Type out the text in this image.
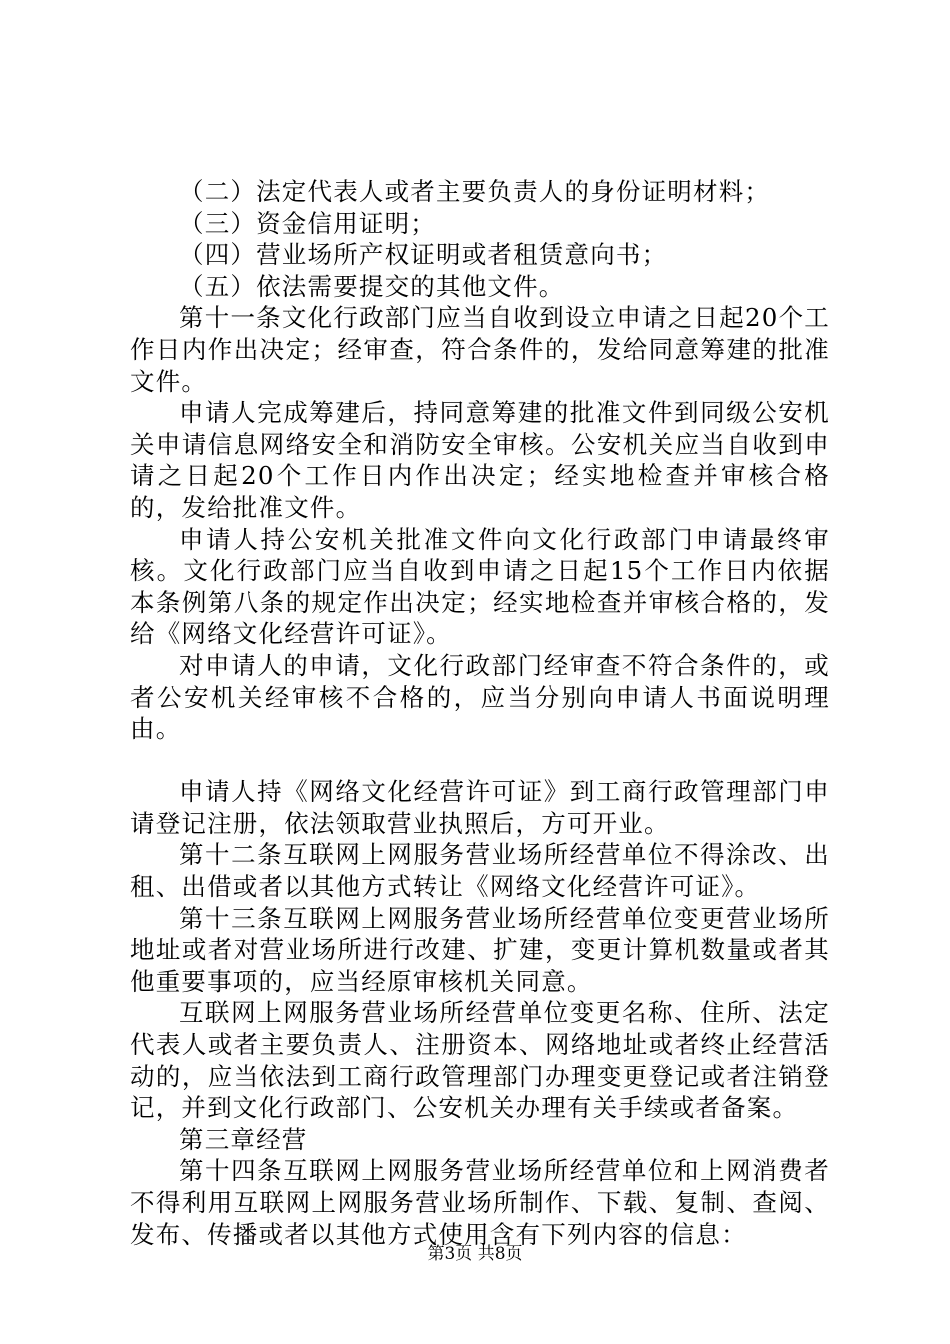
（二）法定代表人或者主要负责人的身份证明材料；

（三）资金信用证明；

（四）营业场所产权证明或者租赁意向书；

（五）依法需要提交的其他文件。

第十一条文化行政部门应当自收到设立申请之日起20个工作日内作出决定；经审查，符合条件的，发给同意筹建的批准文件。

申请人完成筹建后，持同意筹建的批准文件到同级公安机关申请信息网络安全和消防安全审核。公安机关应当自收到申请之日起20个工作日内作出决定；经实地检查并审核合格的，发给批准文件。

申请人持公安机关批准文件向文化行政部门申请最终审核。文化行政部门应当自收到申请之日起15个工作日内依据本条例第八条的规定作出决定；经实地检查并审核合格的，发给《网络文化经营许可证》。

对申请人的申请，文化行政部门经审查不符合条件的，或者公安机关经审核不合格的，应当分别向申请人书面说明理由。

申请人持《网络文化经营许可证》到工商行政管理部门申请登记注册，依法领取营业执照后，方可开业。

第十二条互联网上网服务营业场所经营单位不得涂改、出租、出借或者以其他方式转让《网络文化经营许可证》。

第十三条互联网上网服务营业场所经营单位变更营业场所地址或者对营业场所进行改建、扩建，变更计算机数量或者其他重要事项的，应当经原审核机关同意。

互联网上网服务营业场所经营单位变更名称、住所、法定代表人或者主要负责人、注册资本、网络地址或者终止经营活动的，应当依法到工商行政管理部门办理变更登记或者注销登记，并到文化行政部门、公安机关办理有关手续或者备案。

第三章经营

第十四条互联网上网服务营业场所经营单位和上网消费者不得利用互联网上网服务营业场所制作、下载、复制、查阅、发布、传播或者以其他方式使用含有下列内容的信息：

第3页 共8页
